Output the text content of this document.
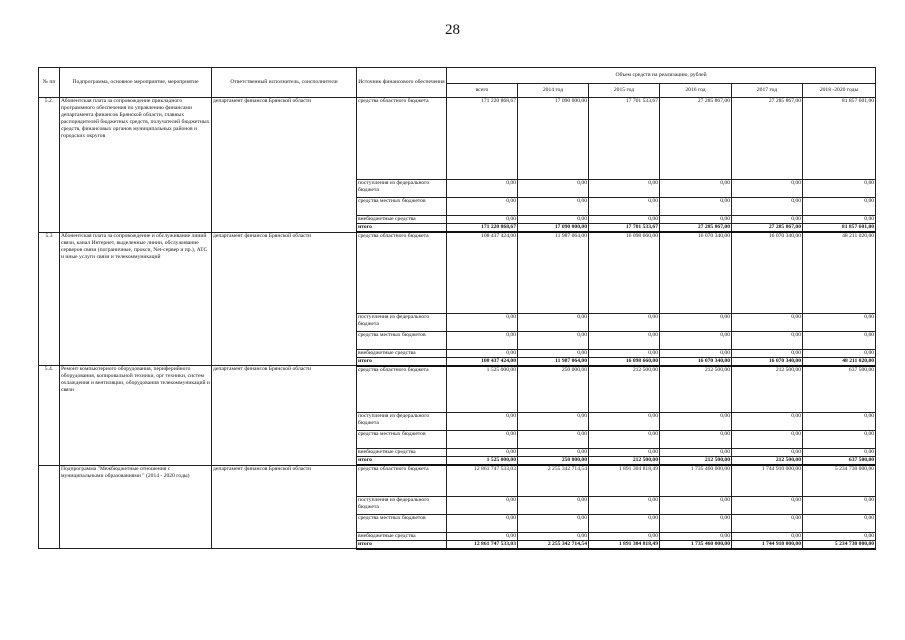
28
№ пп	Подпрограмма, основное мероприятие, мероприятие	Ответственный исполнитель, соисполнители	Источник финансового обеспечения	Объем средств на реализацию, рублей					
				всего	2014 год	2015 год	2016 год	2017 год	2018 -2020 годы
5.2.	Абонентская плата за сопровождение прикладного программного обеспечения по управлению финансами департамента финансов Брянской области, главных распорядителей бюджетных средств, получателей бюджетных средств, финансовых органов муниципальных районов и городских округов	департамент финансов Брянской области	средства областного бюджета	171 220 868,67	17 090 000,00	17 701 533,67	27 285 867,00	27 285 867,00	81 857 601,00
			поступления из федерального бюджета	0,00	0,00	0,00	0,00	0,00	0,00
			средства местных бюджетов	0,00	0,00	0,00	0,00	0,00	0,00
			внебюджетные средства	0,00	0,00	0,00	0,00	0,00	0,00
			итого	171 220 868,67	17 090 000,00	17 701 533,67	27 285 867,00	27 285 867,00	81 857 601,00
5.3	Абонентская плата за сопровождение и обслуживание линий связи, канал Интернет, выделенные линии, обслуживание серверов связи (пограничные, прокси, Net-сервер и пр.), АТС и иные услуги связи и телекоммуникаций	департамент финансов Брянской области	средства областного бюджета	108 437 424,00	11 987 064,00	16 098 660,00	16 070 340,00	16 070 340,00	48 211 020,00
			поступления из федерального бюджета	0,00	0,00	0,00	0,00	0,00	0,00
			средства местных бюджетов	0,00	0,00	0,00	0,00	0,00	0,00
			внебюджетные средства	0,00	0,00	0,00	0,00	0,00	0,00
			итого	108 437 424,00	11 987 064,00	16 098 660,00	16 070 340,00	16 070 340,00	48 211 020,00
5.4.	Ремонт компьютерного оборудования, периферийного оборудования, копировальной техники, орг техники, систем охлаждения и вентиляции, оборудования телекоммуникаций и связи	департамент финансов Брянской области	средства областного бюджета	1 525 000,00	250 000,00	212 500,00	212 500,00	212 500,00	637 500,00
			поступления из федерального бюджета	0,00	0,00	0,00	0,00	0,00	0,00
			средства местных бюджетов	0,00	0,00	0,00	0,00	0,00	0,00
			внебюджетные средства	0,00	0,00	0,00	0,00	0,00	0,00
			итого	1 525 000,00	250 000,00	212 500,00	212 500,00	212 500,00	637 500,00
	Подпрограмма "Межбюджетные отношения с муниципальными образованиями " (2014 - 2020 годы)	департамент финансов Брянской области	средства областного бюджета	12 861 747 533,03	2 255 342 714,54	1 891 304 818,49	1 735 460 000,00	1 744 910 000,00	5 234 730 000,00
			поступления из федерального бюджета	0,00	0,00	0,00	0,00	0,00	0,00
			средства местных бюджетов	0,00	0,00	0,00	0,00	0,00	0,00
			внебюджетные средства	0,00	0,00	0,00	0,00	0,00	0,00
			итого	12 861 747 533,03	2 255 342 714,54	1 891 304 818,49	1 735 460 000,00	1 744 910 000,00	5 234 730 000,00
